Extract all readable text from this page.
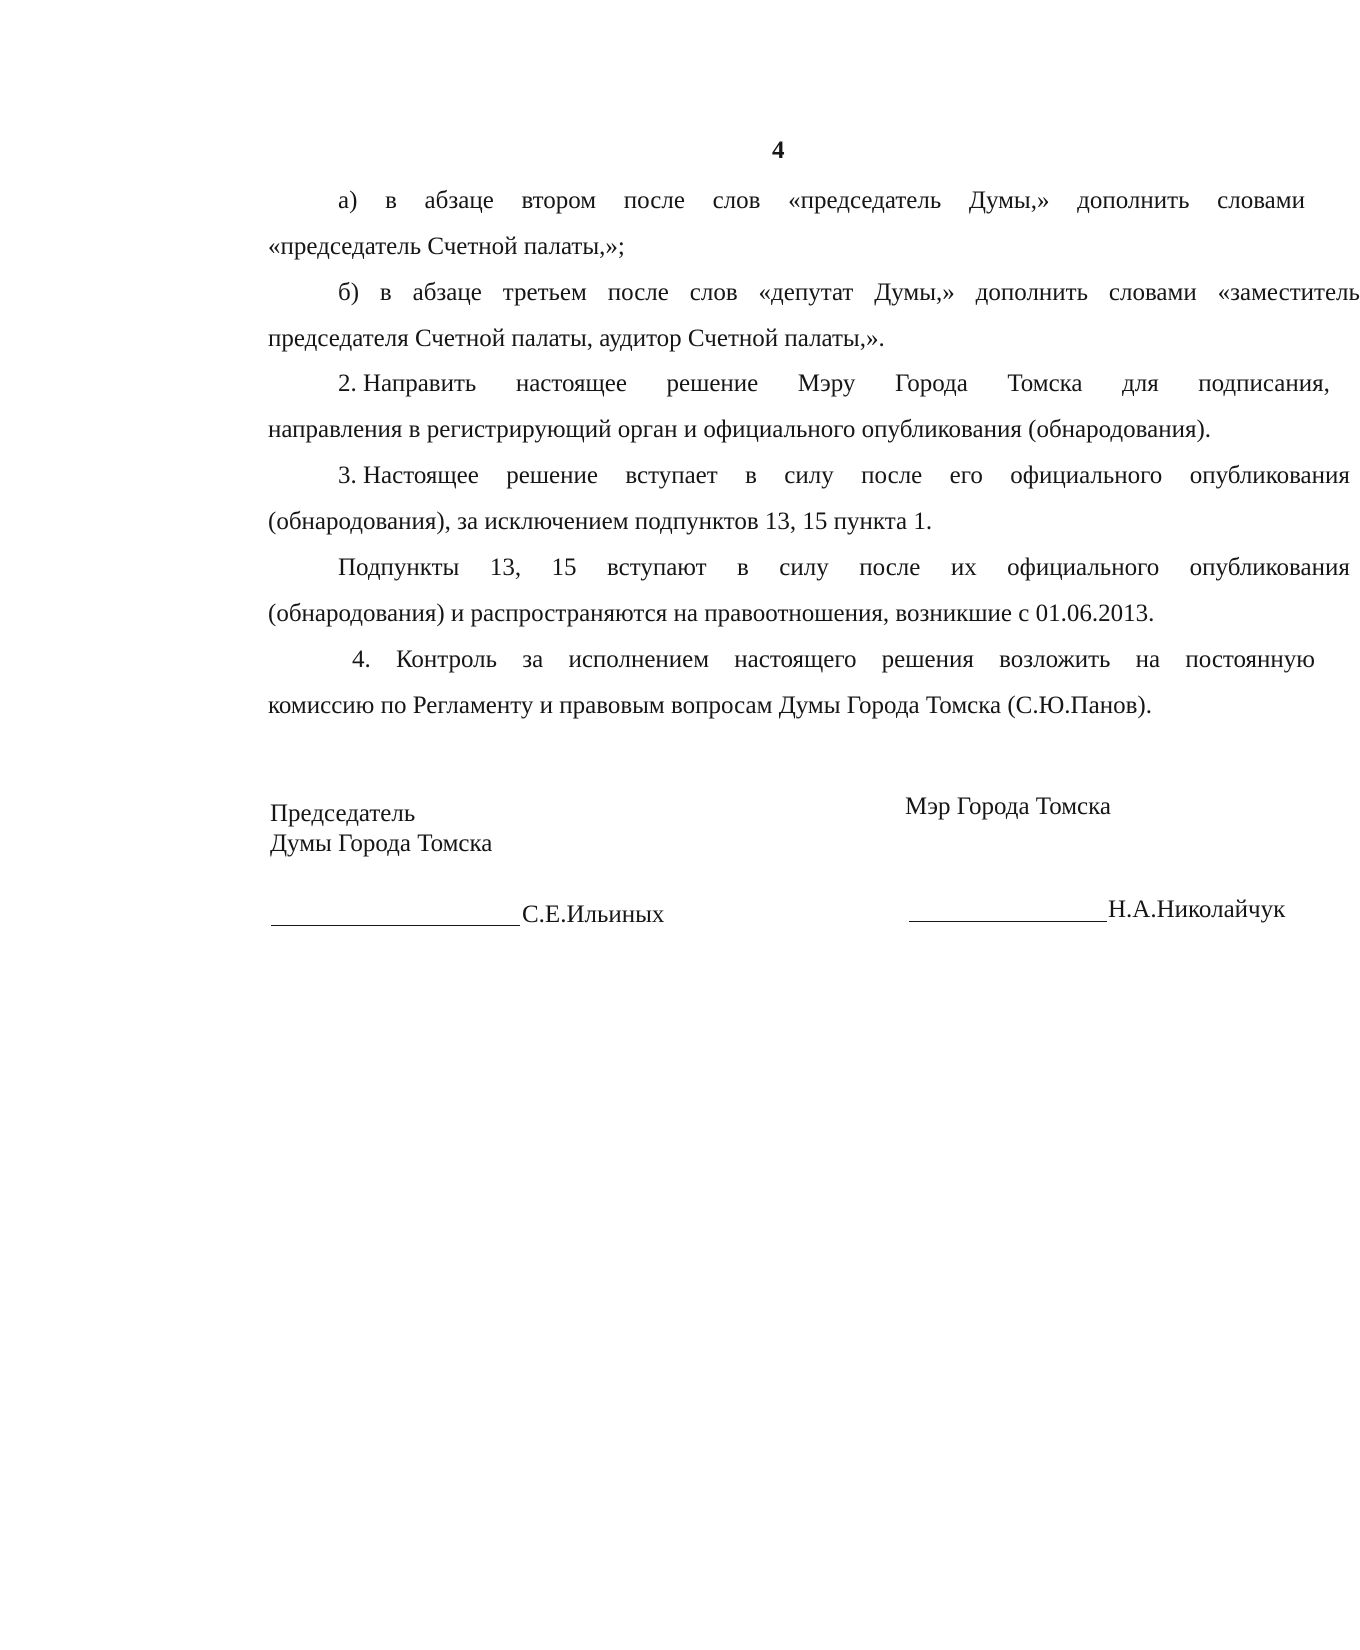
4
а) в абзаце втором после слов «председатель Думы,» дополнить словами
«председатель Счетной палаты,»;
б) в абзаце третьем после слов «депутат Думы,» дополнить словами «заместитель
председателя Счетной палаты, аудитор Счетной палаты,».
2. Направить настоящее решение Мэру Города Томска для подписания,
направления в регистрирующий орган и официального опубликования (обнародования).
3. Настоящее решение вступает в силу после его официального опубликования
(обнародования), за исключением подпунктов 13, 15 пункта 1.
Подпункты 13, 15 вступают в силу после их официального опубликования
(обнародования) и распространяются на правоотношения, возникшие с 01.06.2013.
4. Контроль за исполнением настоящего решения возложить на постоянную
комиссию по Регламенту и правовым вопросам Думы Города Томска (С.Ю.Панов).
Председатель
Думы Города Томска
Мэр Города Томска
С.Е.Ильиных	Н.А.Николайчук
